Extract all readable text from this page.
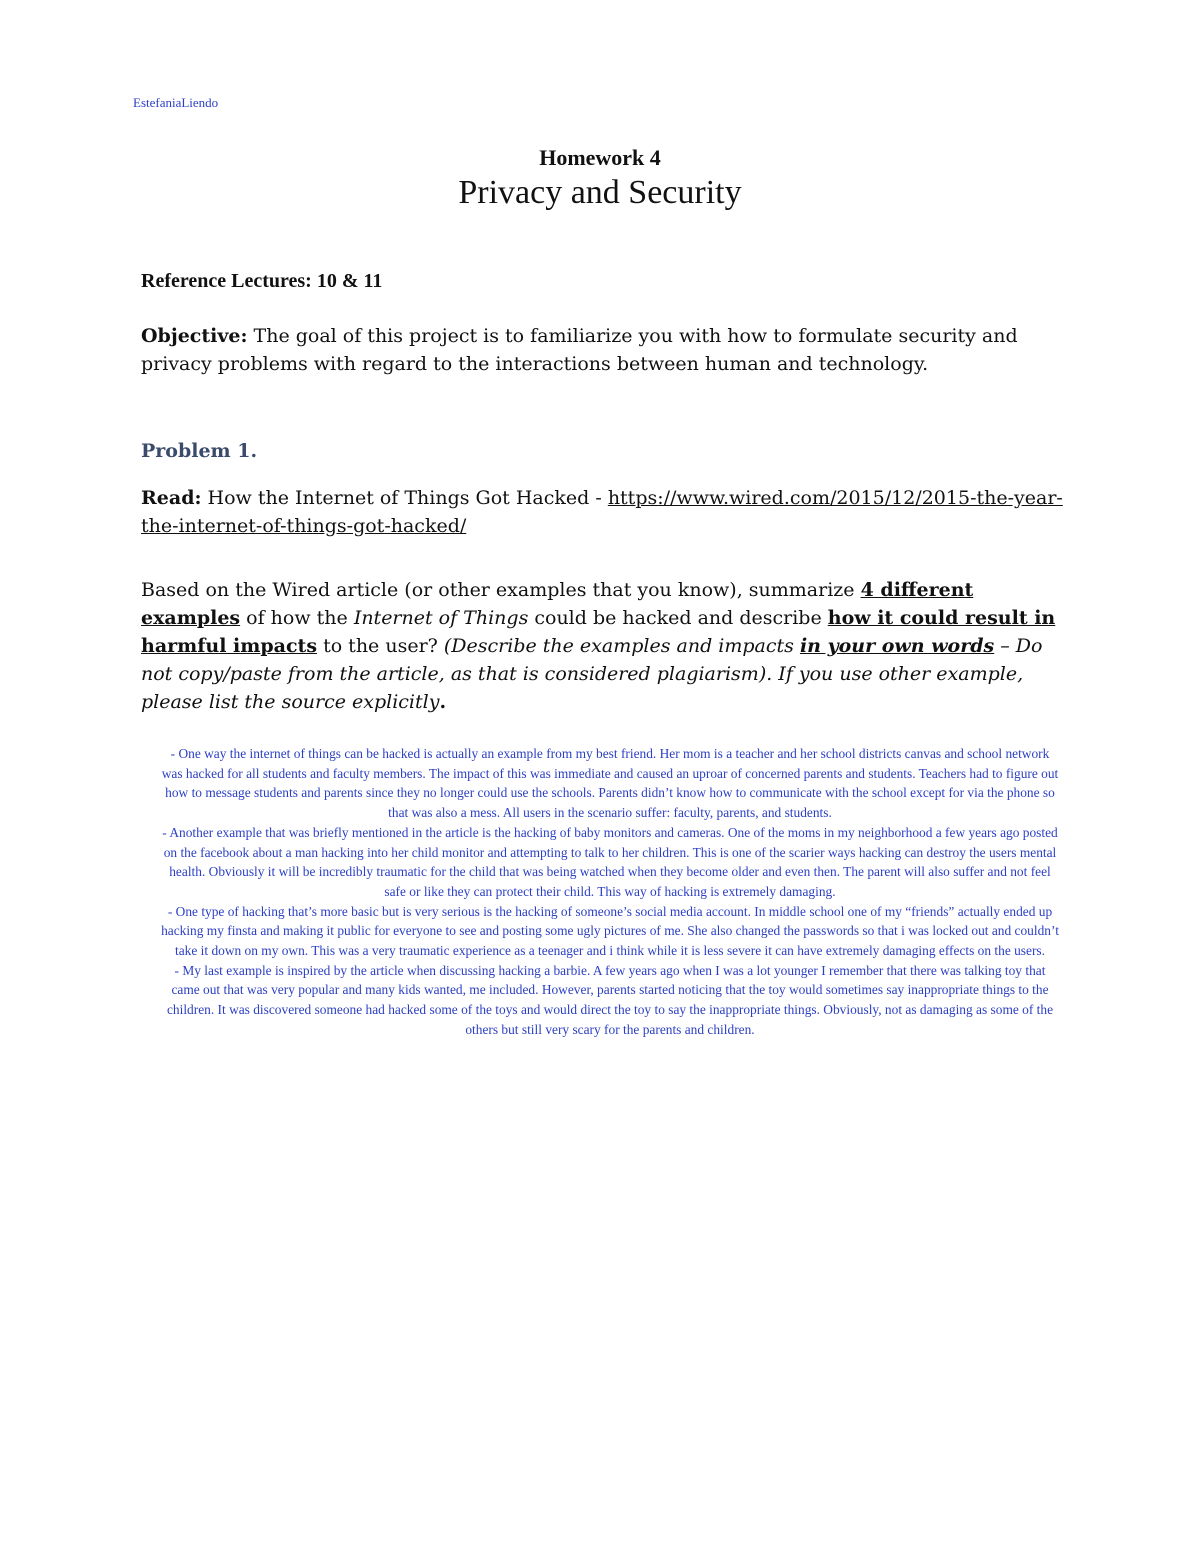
EstefaniaLiendo
Homework 4
Privacy and Security
Reference Lectures: 10 & 11
Objective: The goal of this project is to familiarize you with how to formulate security and privacy problems with regard to the interactions between human and technology.
Problem 1.
Read: How the Internet of Things Got Hacked - https://www.wired.com/2015/12/2015-the-year-the-internet-of-things-got-hacked/
Based on the Wired article (or other examples that you know), summarize 4 different examples of how the Internet of Things could be hacked and describe how it could result in harmful impacts to the user? (Describe the examples and impacts in your own words – Do not copy/paste from the article, as that is considered plagiarism). If you use other example, please list the source explicitly.

- One way the internet of things can be hacked is actually an example from my best friend. Her mom is a teacher and her school districts canvas and school network was hacked for all students and faculty members. The impact of this was immediate and caused an uproar of concerned parents and students. Teachers had to figure out how to message students and parents since they no longer could use the schools. Parents didn’t know how to communicate with the school except for via the phone so that was also a mess. All users in the scenario suffer: faculty, parents, and students.

- Another example that was briefly mentioned in the article is the hacking of baby monitors and cameras. One of the moms in my neighborhood a few years ago posted on the facebook about a man hacking into her child monitor and attempting to talk to her children. This is one of the scarier ways hacking can destroy the users mental health. Obviously it will be incredibly traumatic for the child that was being watched when they become older and even then. The parent will also suffer and not feel safe or like they can protect their child. This way of hacking is extremely damaging.

- One type of hacking that’s more basic but is very serious is the hacking of someone’s social media account. In middle school one of my “friends” actually ended up hacking my finsta and making it public for everyone to see and posting some ugly pictures of me. She also changed the passwords so that i was locked out and couldn’t take it down on my own. This was a very traumatic experience as a teenager and i think while it is less severe it can have extremely damaging effects on the users.

- My last example is inspired by the article when discussing hacking a barbie. A few years ago when I was a lot younger I remember that there was talking toy that came out that was very popular and many kids wanted, me included. However, parents started noticing that the toy would sometimes say inappropriate things to the children. It was discovered someone had hacked some of the toys and would direct the toy to say the inappropriate things. Obviously, not as damaging as some of the others but still very scary for the parents and children.
